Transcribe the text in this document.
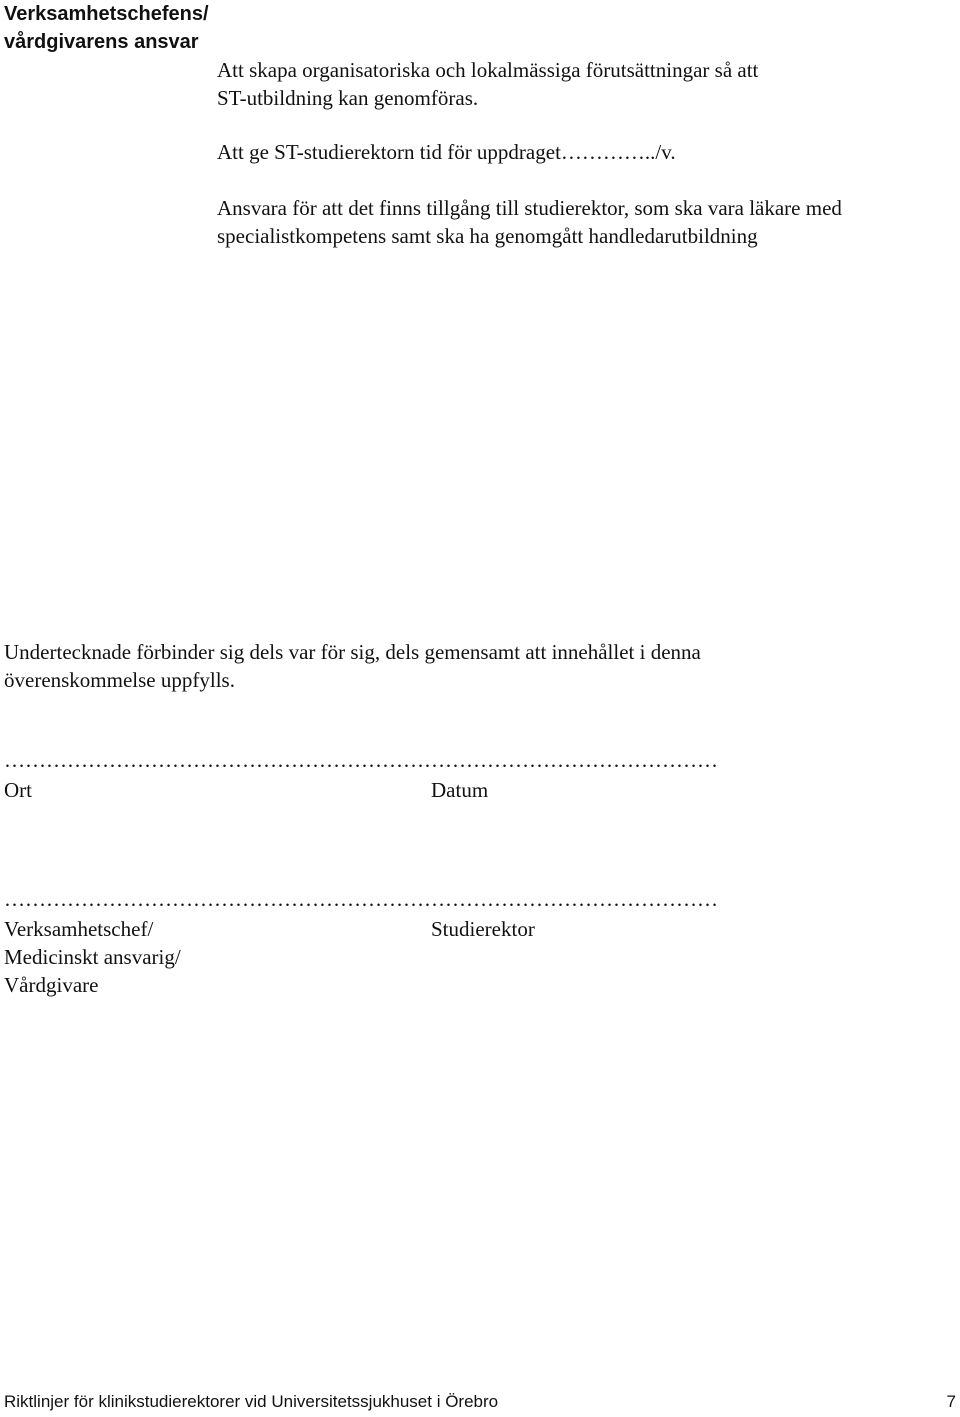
Verksamhetschefens/
vårdgivarens ansvar
Att skapa organisatoriska och lokalmässiga förutsättningar så att
ST-utbildning kan genomföras.
Att ge ST-studierektorn tid för uppdraget…………../v.
Ansvara för att det finns tillgång till studierektor, som ska vara läkare med
specialistkompetens samt ska ha genomgått handledarutbildning
Undertecknade förbinder sig dels var för sig, dels gemensamt att innehållet i denna
överenskommelse uppfylls.
…………………………………………………………………………………………
Ort	Datum
…………………………………………………………………………………………
Verksamhetschef/
Medicinskt ansvarig/
Vårdgivare
Studierektor
Riktlinjer för klinikstudierektorer vid Universitetssjukhuset i Örebro	7
